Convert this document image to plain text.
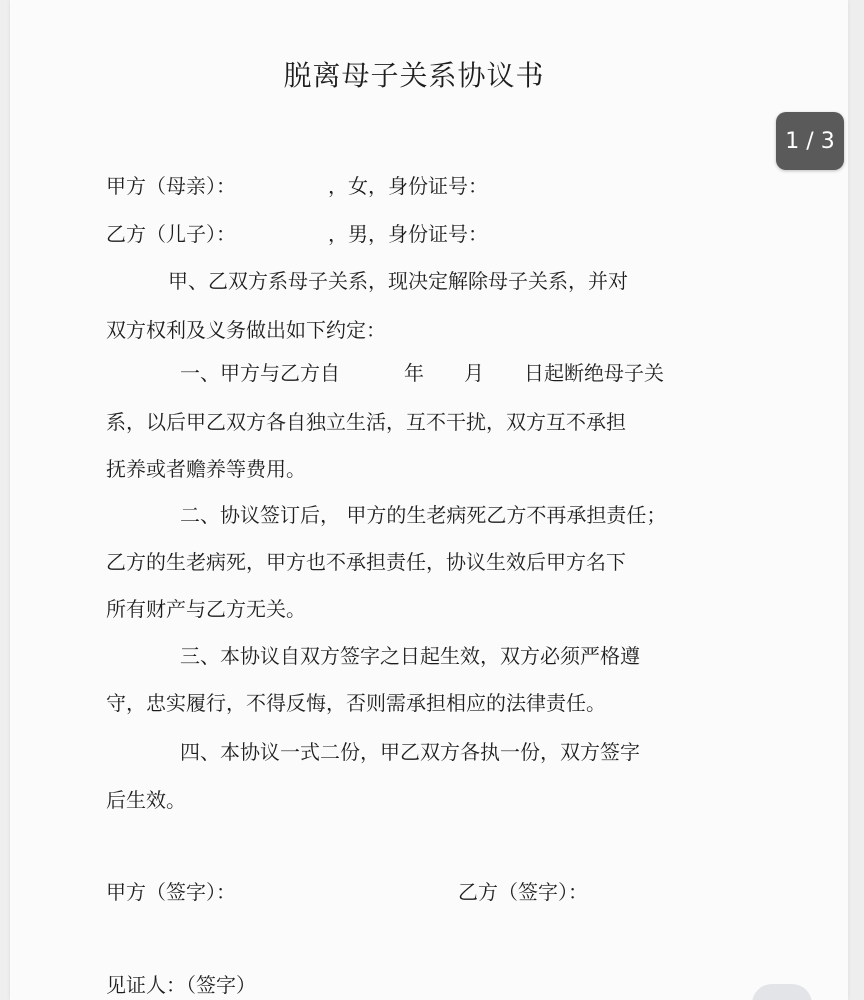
脱离母子关系协议书
甲方（母亲）：	，女，身份证号：
乙方（儿子）：	，男，身份证号：
甲、乙双方系母子关系，现决定解除母子关系，并对
双方权利及义务做出如下约定：
一、甲方与乙方自	年 月 日起断绝母子关
系，以后甲乙双方各自独立生活，互不干扰，双方互不承担
抚养或者赡养等费用。
二、协议签订后， 甲方的生老病死乙方不再承担责任；
乙方的生老病死，甲方也不承担责任，协议生效后甲方名下
所有财产与乙方无关。
三、本协议自双方签字之日起生效，双方必须严格遵
守，忠实履行，不得反悔，否则需承担相应的法律责任。
四、本协议一式二份，甲乙双方各执一份，双方签字
后生效。
甲方（签字）：	乙方（签字）：
见证人：（签字）
1 / 3
